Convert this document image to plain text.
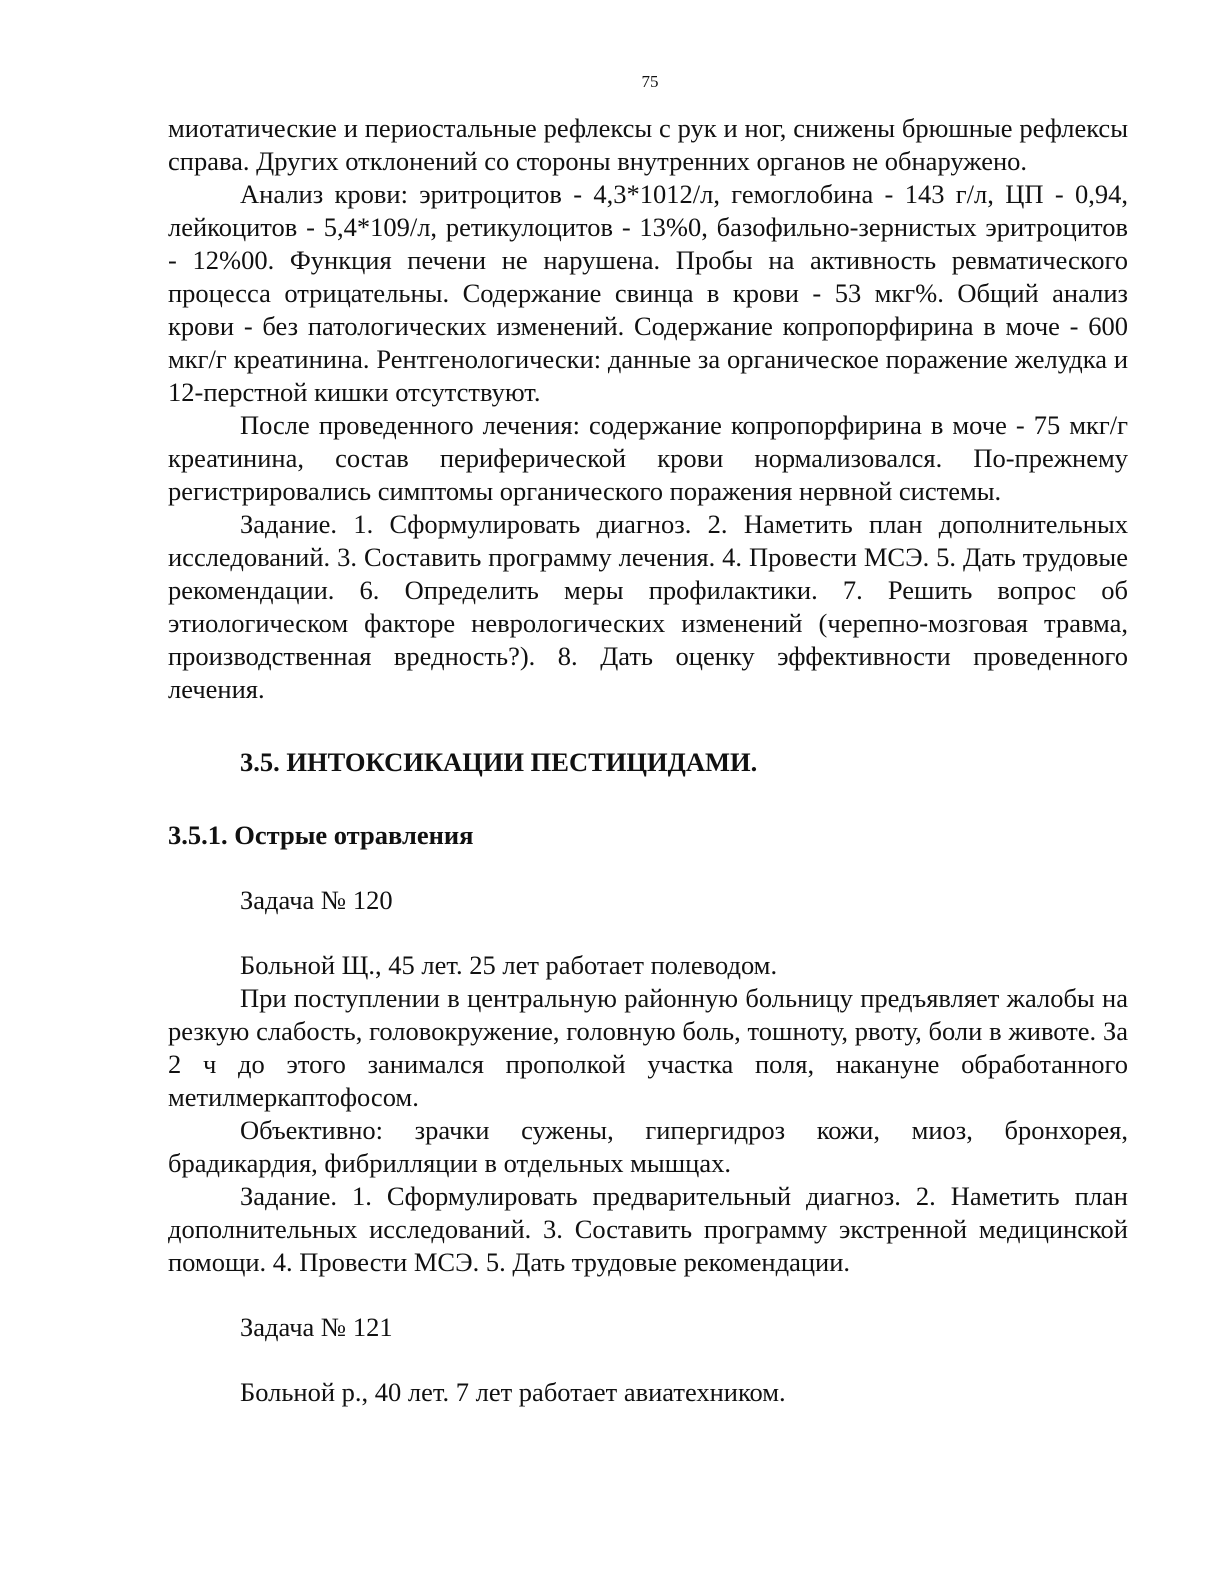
75

миотатические и периостальные рефлексы с рук и ног, снижены брюшные рефлексы справа. Других отклонений со стороны внутренних органов не обнаружено.

Анализ крови: эритроцитов - 4,3*1012/л, гемоглобина - 143 г/л, ЦП - 0,94, лейкоцитов - 5,4*109/л, ретикулоцитов - 13%0, базофильно-зернистых эритроцитов - 12%00. Функция печени не нарушена. Пробы на активность ревматического процесса отрицательны. Содержание свинца в крови - 53 мкг%. Общий анализ крови - без патологических изменений. Содержание копропорфирина в моче - 600 мкг/г креатинина. Рентгенологически: данные за органическое поражение желудка и 12-перстной кишки отсутствуют.

После проведенного лечения: содержание копропорфирина в моче - 75 мкг/г креатинина, состав периферической крови нормализовался. По-прежнему регистрировались симптомы органического поражения нервной системы.

Задание. 1. Сформулировать диагноз. 2. Наметить план дополнительных исследований. 3. Составить программу лечения. 4. Провести МСЭ. 5. Дать трудовые рекомендации. 6. Определить меры профилактики. 7. Решить вопрос об этиологическом факторе неврологических изменений (черепно-мозговая травма, производственная вредность?). 8. Дать оценку эффективности проведенного лечения.

3.5. ИНТОКСИКАЦИИ ПЕСТИЦИДАМИ.
3.5.1. Острые отравления

Задача № 120

Больной Щ., 45 лет. 25 лет работает полеводом.

При поступлении в центральную районную больницу предъявляет жалобы на резкую слабость, головокружение, головную боль, тошноту, рвоту, боли в животе. За 2 ч до этого занимался прополкой участка поля, накануне обработанного метилмеркаптофосом.

Объективно: зрачки сужены, гипергидроз кожи, миоз, бронхорея, брадикардия, фибрилляции в отдельных мышцах.

Задание. 1. Сформулировать предварительный диагноз. 2. Наметить план дополнительных исследований. 3. Составить программу экстренной медицинской помощи. 4. Провести МСЭ. 5. Дать трудовые рекомендации.

Задача № 121

Больной р., 40 лет. 7 лет работает авиатехником.
